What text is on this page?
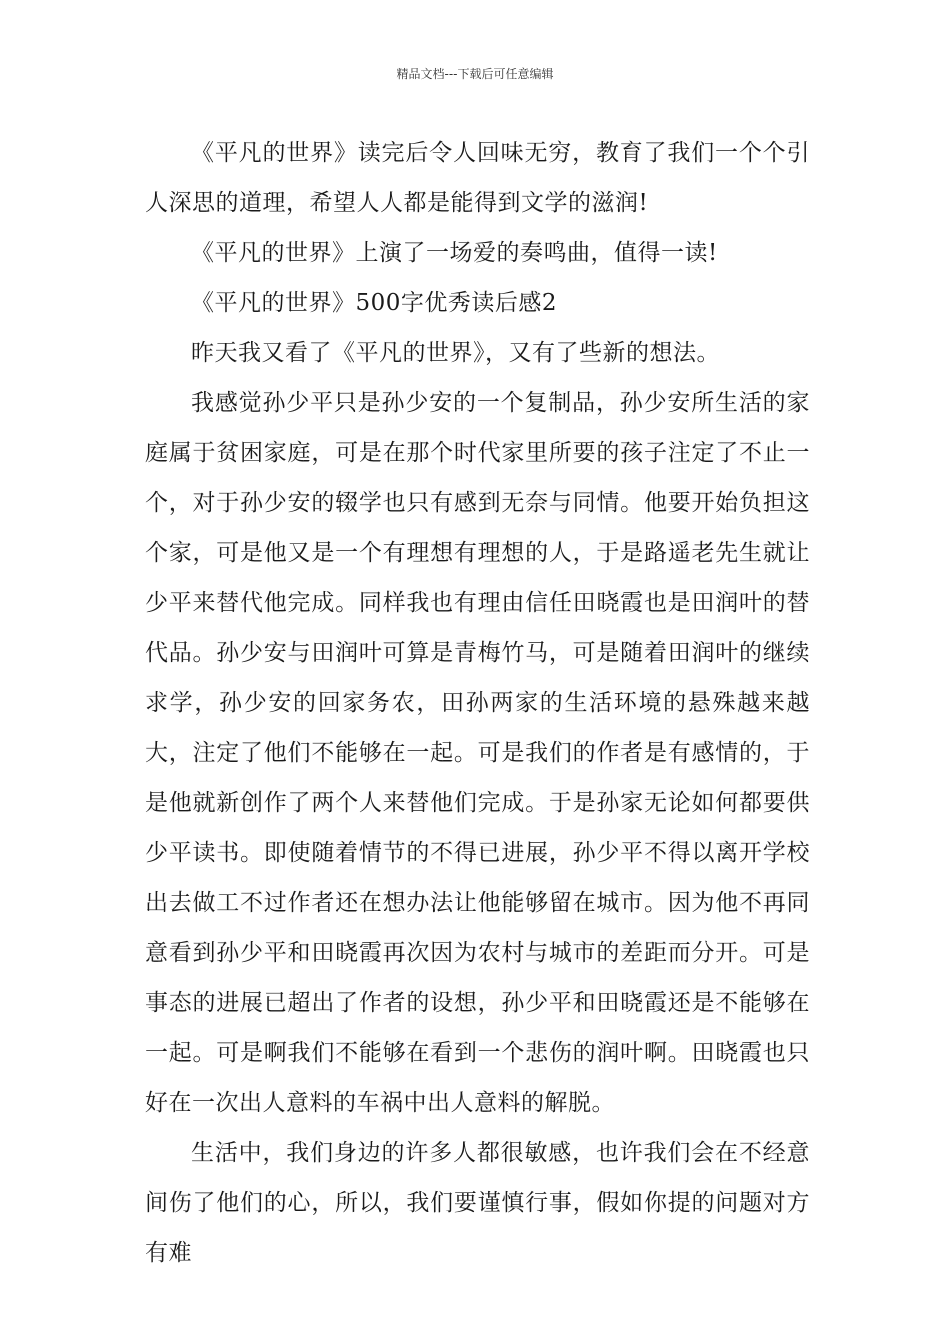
精品文档---下载后可任意编辑

《平凡的世界》读完后令人回味无穷，教育了我们一个个引人深思的道理，希望人人都是能得到文学的滋润!

《平凡的世界》上演了一场爱的奏鸣曲，值得一读!

《平凡的世界》500字优秀读后感2

昨天我又看了《平凡的世界》，又有了些新的想法。

我感觉孙少平只是孙少安的一个复制品，孙少安所生活的家庭属于贫困家庭，可是在那个时代家里所要的孩子注定了不止一个，对于孙少安的辍学也只有感到无奈与同情。他要开始负担这个家，可是他又是一个有理想有理想的人，于是路遥老先生就让少平来替代他完成。同样我也有理由信任田晓霞也是田润叶的替代品。孙少安与田润叶可算是青梅竹马，可是随着田润叶的继续求学，孙少安的回家务农，田孙两家的生活环境的悬殊越来越大，注定了他们不能够在一起。可是我们的作者是有感情的，于是他就新创作了两个人来替他们完成。于是孙家无论如何都要供少平读书。即使随着情节的不得已进展，孙少平不得以离开学校出去做工不过作者还在想办法让他能够留在城市。因为他不再同意看到孙少平和田晓霞再次因为农村与城市的差距而分开。可是事态的进展已超出了作者的设想，孙少平和田晓霞还是不能够在一起。可是啊我们不能够在看到一个悲伤的润叶啊。田晓霞也只好在一次出人意料的车祸中出人意料的解脱。

生活中，我们身边的许多人都很敏感，也许我们会在不经意间伤了他们的心，所以，我们要谨慎行事，假如你提的问题对方有难
